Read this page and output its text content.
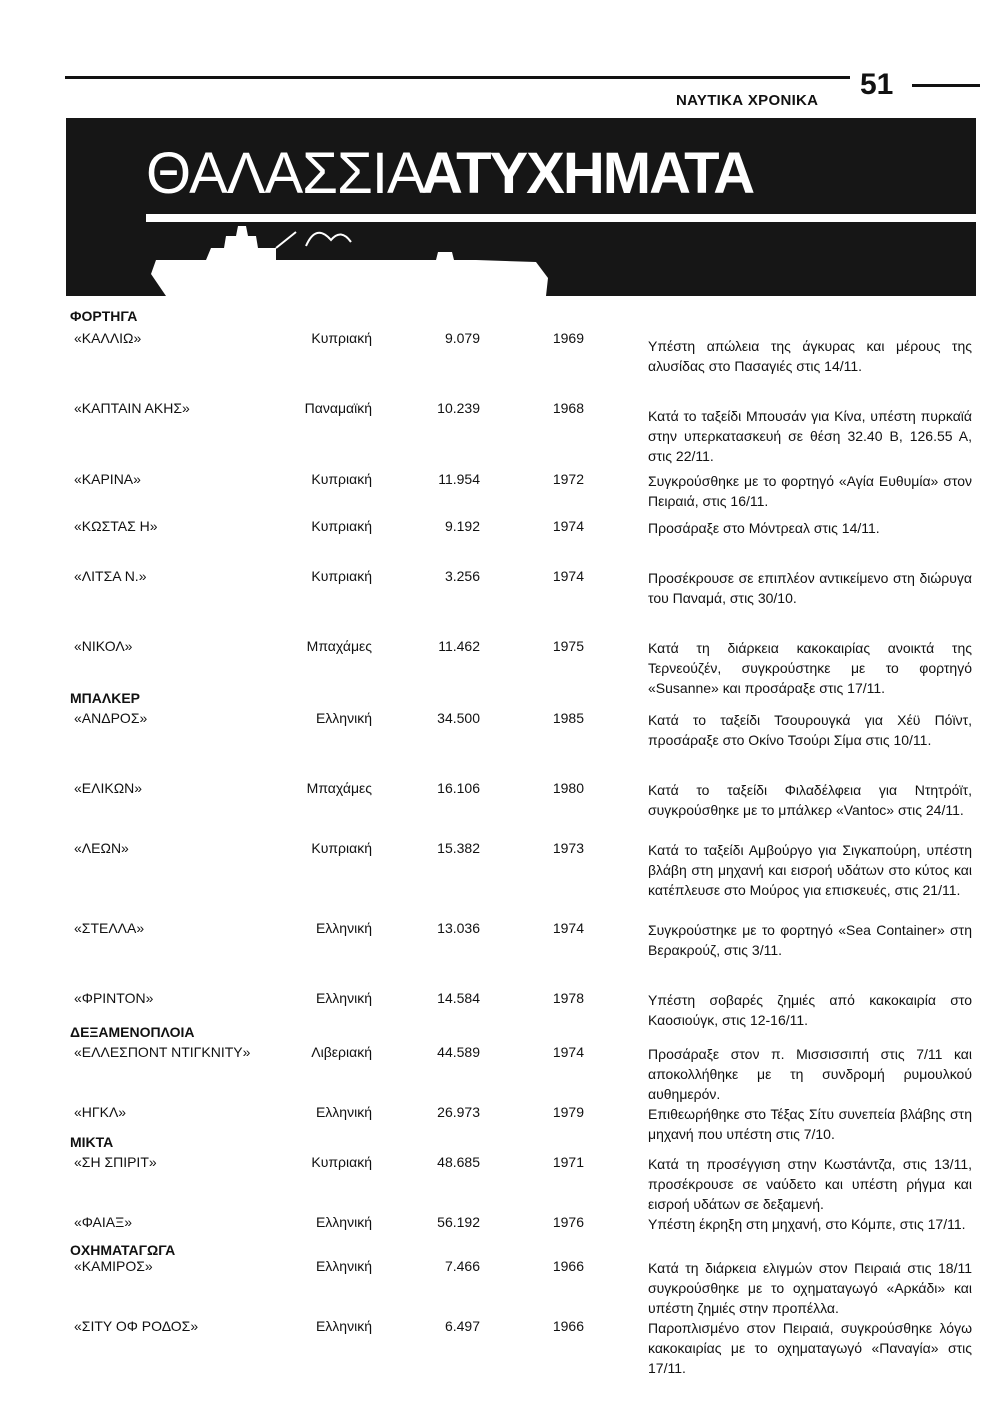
ΝΑΥΤΙΚΑ ΧΡΟΝΙΚΑ 51
ΘΑΛΑΣΣΙΑ
ΑΤΥΧΗΜΑΤΑ
ΦΟΡΤΗΓΑ
«ΚΑΛΛΙΩ»	Κυπριακή	9.079	1969	Υπέστη απώλεια της άγκυρας και μέρους της αλυσίδας στο Πασαγιές στις 14/11.
«ΚΑΠΤΑΙΝ ΑΚΗΣ»	Παναμαϊκή	10.239	1968	Κατά το ταξείδι Μπουσάν για Κίνα, υπέστη πυρκαϊά στην υπερκατασκευή σε θέση 32.40 Β, 126.55 Α, στις 22/11.
«ΚΑΡΙΝΑ»	Κυπριακή	11.954	1972	Συγκρούσθηκε με το φορτηγό «Αγία Ευθυμία» στον Πειραιά, στις 16/11.
«ΚΩΣΤΑΣ Η»	Κυπριακή	9.192	1974	Προσάραξε στο Μόντρεαλ στις 14/11.
«ΛΙΤΣΑ Ν.»	Κυπριακή	3.256	1974	Προσέκρουσε σε επιπλέον αντικείμενο στη διώρυγα του Παναμά, στις 30/10.
«ΝΙΚΟΛ»	Μπαχάμες	11.462	1975	Κατά τη διάρκεια κακοκαιρίας ανοικτά της Τερνεούζέν, συγκρούστηκε με το φορτηγό «Susanne» και προσάραξε στις 17/11.
ΜΠΑΛΚΕΡ
«ΑΝΔΡΟΣ»	Ελληνική	34.500	1985	Κατά το ταξείδι Τσουρουγκά για Χέϋ Πόϊντ, προσάραξε στο Οκίνο Τσούρι Σίμα στις 10/11.
«ΕΛΙΚΩΝ»	Μπαχάμες	16.106	1980	Κατά το ταξείδι Φιλαδέλφεια για Ντητρόϊτ, συγκρούσθηκε με το μπάλκερ «Vantoc» στις 24/11.
«ΛΕΩΝ»	Κυπριακή	15.382	1973	Κατά το ταξείδι Αμβούργο για Σιγκαπούρη, υπέστη βλάβη στη μηχανή και εισροή υδάτων στο κύτος και κατέπλευσε στο Μούρος για επισκευές, στις 21/11.
«ΣΤΕΛΛΑ»	Ελληνική	13.036	1974	Συγκρούστηκε με το φορτηγό «Sea Container» στη Βερακρούζ, στις 3/11.
«ΦΡΙΝΤΟΝ»	Ελληνική	14.584	1978	Υπέστη σοβαρές ζημιές από κακοκαιρία στο Καοσιούγκ, στις 12-16/11.
ΔΕΞΑΜΕΝΟΠΛΟΙΑ
«ΕΛΛΕΣΠΟΝΤ ΝΤΙΓΚΝΙΤΥ»	Λιβεριακή	44.589	1974	Προσάραξε στον π. Μισσισσιπή στις 7/11 και αποκολλήθηκε με τη συνδρομή ρυμουλκού αυθημερόν.
«ΗΓΚΛ»	Ελληνική	26.973	1979	Επιθεωρήθηκε στο Τέξας Σίτυ συνεπεία βλάβης στη μηχανή που υπέστη στις 7/10.
ΜΙΚΤΑ
«ΣΗ ΣΠΙΡΙΤ»	Κυπριακή	48.685	1971	Κατά τη προσέγγιση στην Κωστάντζα, στις 13/11, προσέκρουσε σε ναύδετο και υπέστη ρήγμα και εισροή υδάτων σε δεξαμενή.
«ΦΑΙΑΞ»	Ελληνική	56.192	1976	Υπέστη έκρηξη στη μηχανή, στο Κόμπε, στις 17/11.
ΟΧΗΜΑΤΑΓΩΓΑ
«ΚΑΜΙΡΟΣ»	Ελληνική	7.466	1966	Κατά τη διάρκεια ελιγμών στον Πειραιά στις 18/11 συγκρούσθηκε με το οχηματαγωγό «Αρκάδι» και υπέστη ζημιές στην προπέλλα.
«ΣΙΤΥ ΟΦ ΡΟΔΟΣ»	Ελληνική	6.497	1966	Παροπλισμένο στον Πειραιά, συγκρούσθηκε λόγω κακοκαιρίας με το οχηματαγωγό «Παναγία» στις 17/11.
